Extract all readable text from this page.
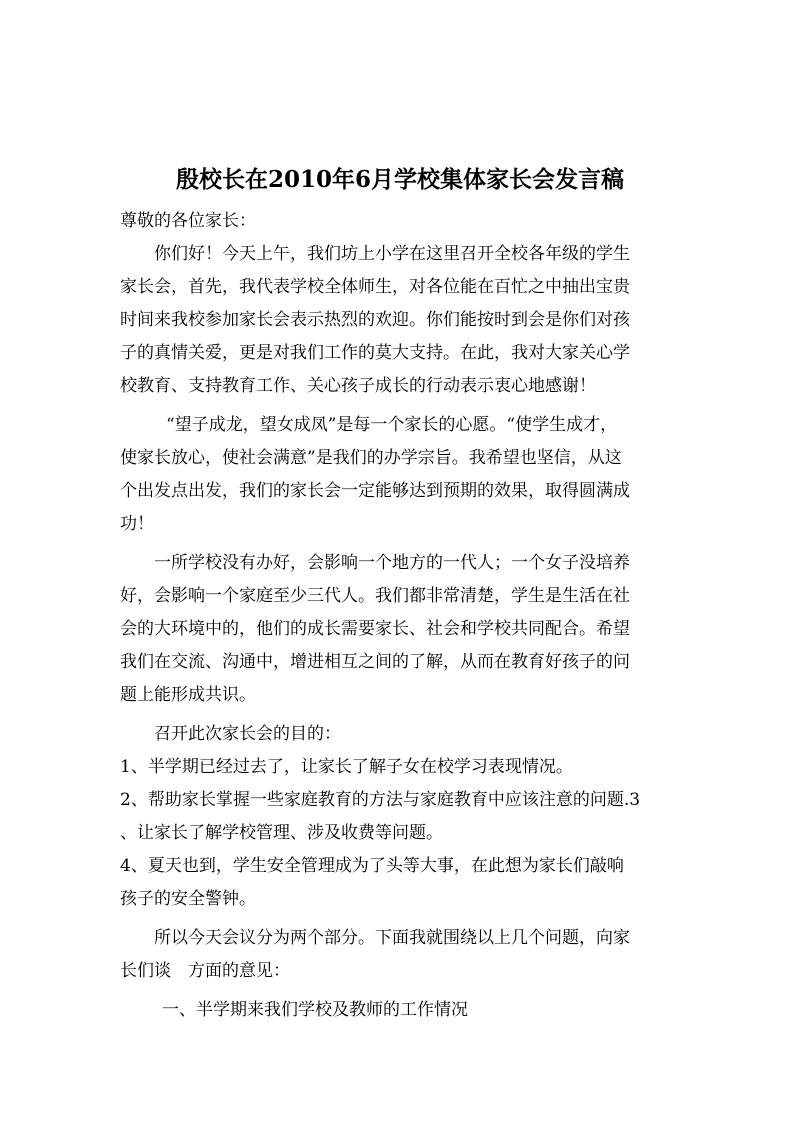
殷校长在2010年6月学校集体家长会发言稿
尊敬的各位家长：
你们好！今天上午，我们坊上小学在这里召开全校各年级的学生
家长会，首先，我代表学校全体师生，对各位能在百忙之中抽出宝贵
时间来我校参加家长会表示热烈的欢迎。你们能按时到会是你们对孩
子的真情关爱，更是对我们工作的莫大支持。在此，我对大家关心学
校教育、支持教育工作、关心孩子成长的行动表示衷心地感谢！
“望子成龙，望女成凤”是每一个家长的心愿。“使学生成才，
使家长放心，使社会满意”是我们的办学宗旨。我希望也坚信，从这
个出发点出发，我们的家长会一定能够达到预期的效果，取得圆满成
功！
一所学校没有办好，会影响一个地方的一代人；一个女子没培养
好，会影响一个家庭至少三代人。我们都非常清楚，学生是生活在社
会的大环境中的，他们的成长需要家长、社会和学校共同配合。希望
我们在交流、沟通中，增进相互之间的了解，从而在教育好孩子的问
题上能形成共识。
召开此次家长会的目的：
1、半学期已经过去了，让家长了解子女在校学习表现情况。
2、帮助家长掌握一些家庭教育的方法与家庭教育中应该注意的问题.3
、让家长了解学校管理、涉及收费等问题。
4、夏天也到，学生安全管理成为了头等大事，在此想为家长们敲响
孩子的安全警钟。
所以今天会议分为两个部分。下面我就围绕以上几个问题，向家
长们谈　方面的意见：
一、半学期来我们学校及教师的工作情况
